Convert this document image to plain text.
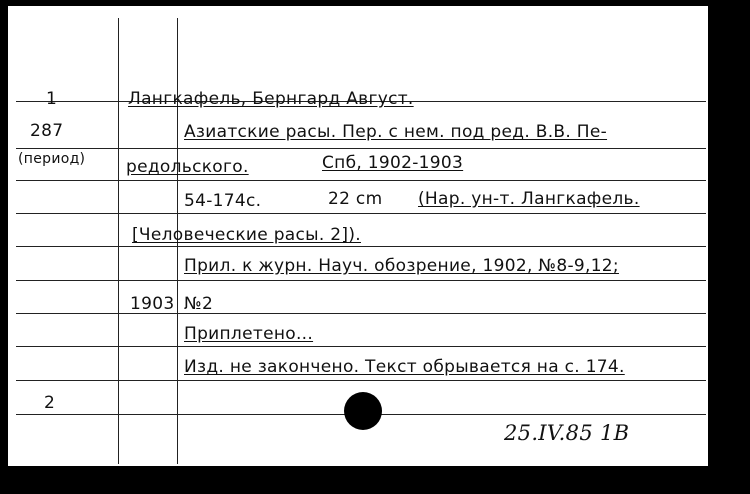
1
287
(период)
1903
2
Лангкафель, Бернгард Август.
Азиатские расы. Пер. с нем. под ред. В.В. Пе-
редольского.	Спб, 1902-1903
54-174с.	22 cm (Нар. ун-т. Лангкафель.
[Человеческие расы. 2]).
Прил. к журн. Науч. обозрение, 1902, №8-9,12;
№2
Приплетено...
Изд. не закончено. Текст обрывается на с. 174.
25.IV.85 1B
